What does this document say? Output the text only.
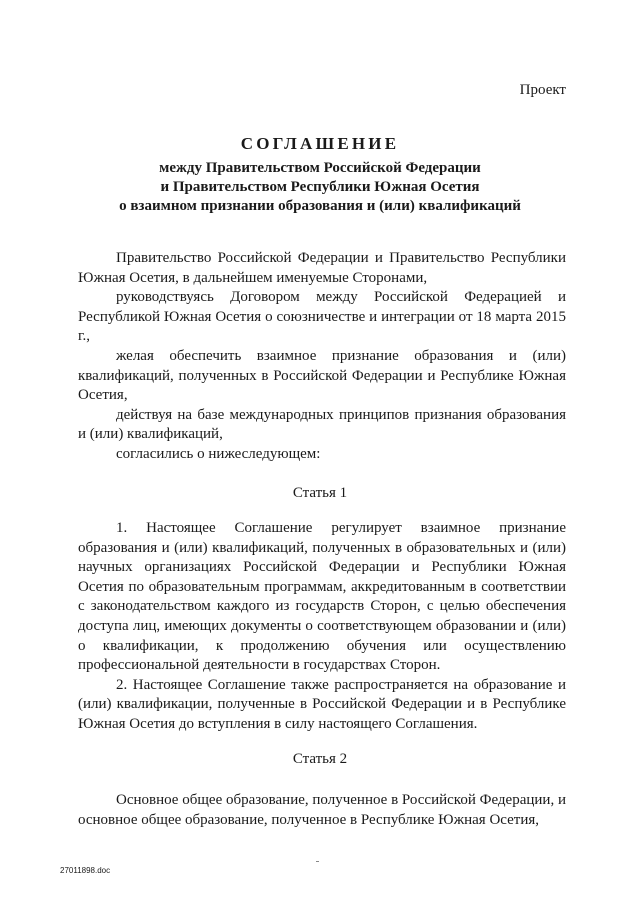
Проект
СОГЛАШЕНИЕ
между Правительством Российской Федерации
и Правительством Республики Южная Осетия
о взаимном признании образования и (или) квалификаций

Правительство Российской Федерации и Правительство Республики Южная Осетия, в дальнейшем именуемые Сторонами,

руководствуясь Договором между Российской Федерацией и Республикой Южная Осетия о союзничестве и интеграции от 18 марта 2015 г.,

желая обеспечить взаимное признание образования и (или) квалификаций, полученных в Российской Федерации и Республике Южная Осетия,

действуя на базе международных принципов признания образования и (или) квалификаций,

согласились о нижеследующем:

Статья 1

1. Настоящее Соглашение регулирует взаимное признание образования и (или) квалификаций, полученных в образовательных и (или) научных организациях Российской Федерации и Республики Южная Осетия по образовательным программам, аккредитованным в соответствии с законодательством каждого из государств Сторон, с целью обеспечения доступа лиц, имеющих документы о соответствующем образовании и (или) о квалификации, к продолжению обучения или осуществлению профессиональной деятельности в государствах Сторон.

2. Настоящее Соглашение также распространяется на образование и (или) квалификации, полученные в Российской Федерации и в Республике Южная Осетия до вступления в силу настоящего Соглашения.

Статья 2

Основное общее образование, полученное в Российской Федерации, и основное общее образование, полученное в Республике Южная Осетия,

27011898.doc
